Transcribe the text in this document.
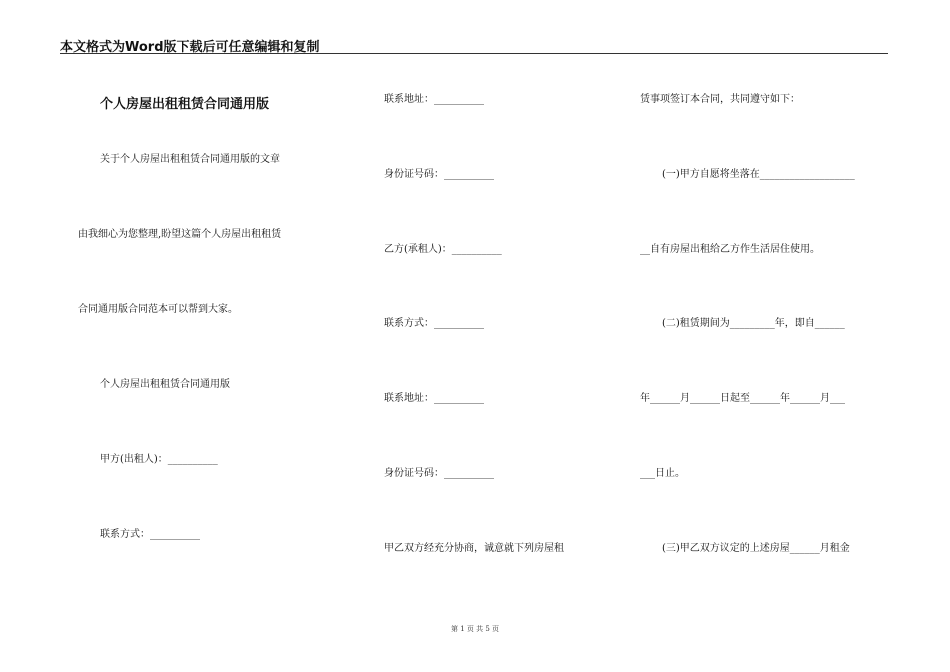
本文格式为Word版下载后可任意编辑和复制
个人房屋出租租赁合同通用版
关于个人房屋出租租赁合同通用版的文章
由我细心为您整理,盼望这篇个人房屋出租租赁
合同通用版合同范本可以帮到大家。
个人房屋出租租赁合同通用版
甲方(出租人)：__________
联系方式：__________
联系地址：__________
身份证号码：__________
乙方(承租人)：__________
联系方式：__________
联系地址：__________
身份证号码：__________
甲乙双方经充分协商，诚意就下列房屋租
赁事项签订本合同，共同遵守如下：
(一)甲方自愿将坐落在___________________
__自有房屋出租给乙方作生活居住使用。
(二)租赁期间为_________年，即自______
年______月______日起至______年______月___
___日止。
(三)甲乙双方议定的上述房屋______月租金
第 1 页 共 5 页
